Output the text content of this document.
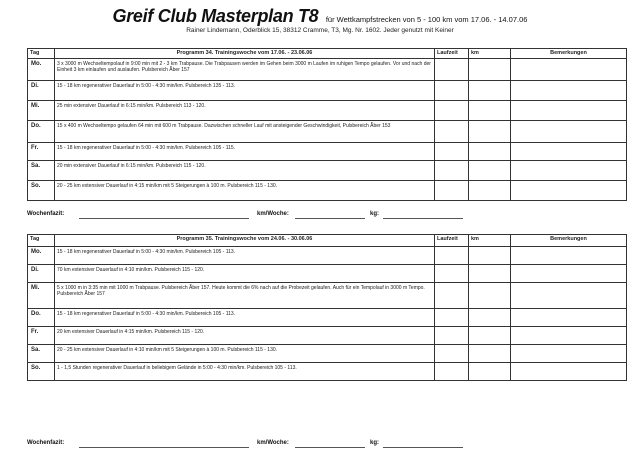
Greif Club Masterplan T8 für Wettkampfstrecken von 5 - 100 km vom 17.06. - 14.07.06
Rainer Lindemann, Oderblick 15, 38312 Cramme, T3, Mg. Nr. 1602. Jeder genutzt mit Keiner
Tag	Programm 34. Trainingswoche vom 17.06. - 23.06.06	Laufzeit	km	Bemerkungen
Mo.	3 x 3000 m Wechseltempolauf in 9:00 min mit 2 - 3 km Trabpause. Die Trabpausen werden im Gehen beim 3000 m Laufen im ruhigen Tempo gelaufen. Vor und nach der Einheit 3 km einlaufen und auslaufen. Pulsbereich Ãber 157			
Di.	15 - 18 km regenerativer Dauerlauf in 5:00 - 4:30 min/km. Pulsbereich 135 - 113.			
Mi.	25 min extensiver Dauerlauf in 6:15 min/km. Pulsbereich 113 - 120.			
Do.	15 x 400 m Wechseltempo gelaufen 64 min mit 600 m Trabpause. Dazwischen schneller Lauf mit ansteigender Geschwindigkeit, Pulsbereich Ãber 153			
Fr.	15 - 18 km regenerativer Dauerlauf in 5:00 - 4:30 min/km. Pulsbereich 105 - 115.			
Sa.	20 min extensiver Dauerlauf in 6:15 min/km. Pulsbereich 115 - 120.			
So.	20 - 25 km extensiver Dauerlauf in 4:15 min/km mit 5 Steigerungen à 100 m. Pulsbereich 115 - 130.			
Wochenfazit:	km/Woche:	kg:
Tag	Programm 35. Trainingswoche vom 24.06. - 30.06.06	Laufzeit	km	Bemerkungen
Mo.	15 - 18 km regenerativer Dauerlauf in 5:00 - 4:30 min/km. Pulsbereich 105 - 113.			
Di.	70 km extensiver Dauerlauf in 4:10 min/km. Pulsbereich 115 - 120.			
Mi.	5 x 1000 m in 3:35 min mit 1000 m Trabpause. Pulsbereich Ãber 157. Heute kommt die 6% nach auf die Probezeit gelaufen. Auch für ein Tempolauf in 3000 m Tempo. Pulsbereich Ãber 157			
Do.	15 - 18 km regenerativer Dauerlauf in 5:00 - 4:30 min/km. Pulsbereich 105 - 113.			
Fr.	20 km extensiver Dauerlauf in 4:15 min/km. Pulsbereich 115 - 120.			
Sa.	20 - 25 km extensiver Dauerlauf in 4:10 min/km mit 5 Steigerungen à 100 m. Pulsbereich 115 - 130.			
So.	1 - 1,5 Stunden regenerativer Dauerlauf in beliebigem Gelände in 5:00 - 4:30 min/km. Pulsbereich 105 - 113.			
Wochenfazit:	km/Woche:	kg:
